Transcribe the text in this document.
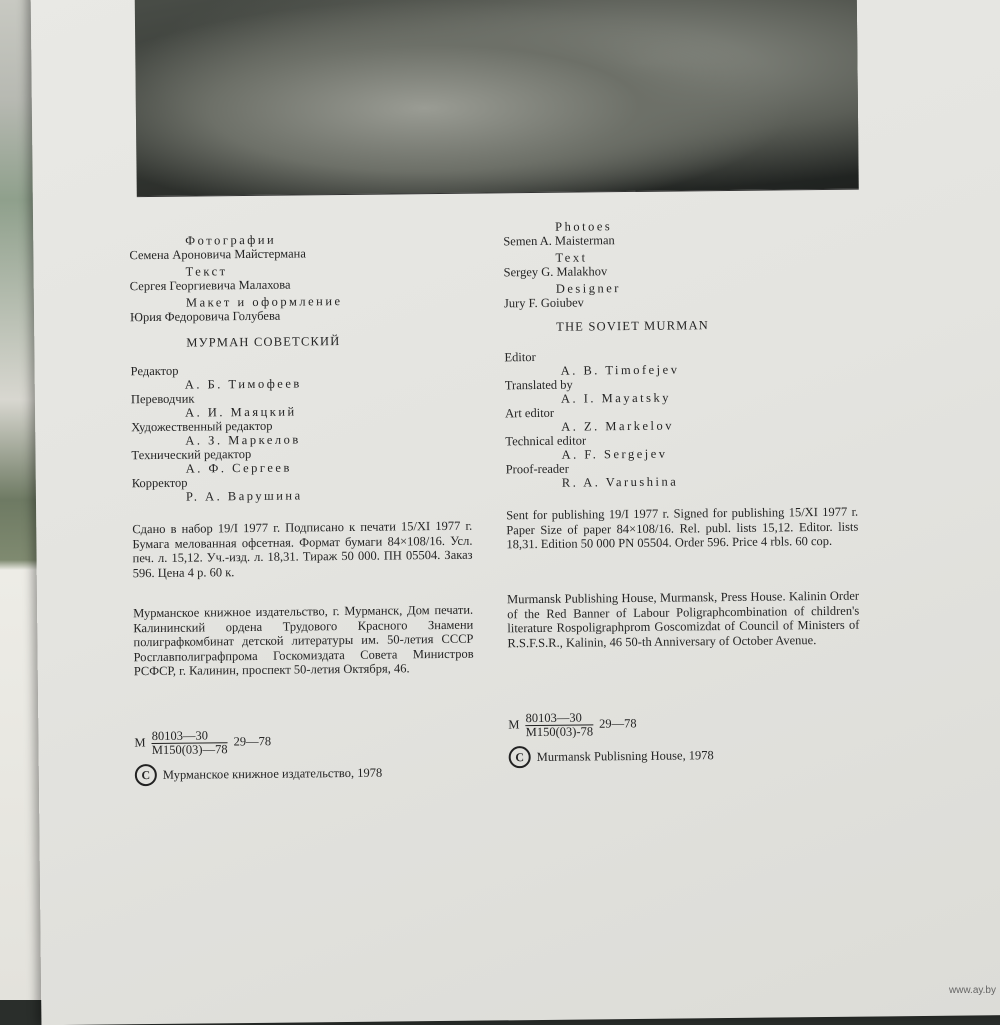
Фотографии
Семена Ароновича Майстермана
Текст
Сергея Георгиевича Малахова
Макет и оформление
Юрия Федоровича Голубева
МУРМАН СОВЕТСКИЙ
Редактор
А. Б. Тимофеев
Переводчик
А. И. Маяцкий
Художественный редактор
А. З. Маркелов
Технический редактор
А. Ф. Сергеев
Корректор
Р. А. Варушина
Сдано в набор 19/I 1977 г. Подписано к печати 15/XI 1977 г. Бумага мелованная офсетная. Формат бумаги 84×108/16. Усл. печ. л. 15,12. Уч.-изд. л. 18,31. Тираж 50 000. ПН 05504. Заказ 596. Цена 4 р. 60 к.
Мурманское книжное издательство, г. Мурманск, Дом печати. Калининский ордена Трудового Красного Знамени полиграфкомбинат детской литературы им. 50-летия СССР Росглавполиграфпрома Госкомиздата Совета Министров РСФСР, г. Калинин, проспект 50-летия Октября, 46.
М $\frac{80103—30}{М150(03)—78}$ 29—78
C	Мурманское книжное издательство, 1978
Photoes
Semen A. Maisterman
Text
Sergey G. Malakhov
Designer
Jury F. Goiubev
THE SOVIET MURMAN
Editor
A. B. Timofejev
Translated by
A. I. Mayatsky
Art editor
A. Z. Markelov
Technical editor
A. F. Sergejev
Proof-reader
R. A. Varushina
Sent for publishing 19/I 1977 r. Signed for publishing 15/XI 1977 r. Paper Size of paper 84×108/16. Rel. publ. lists 15,12. Editor. lists 18,31. Edition 50 000 PN 05504. Order 596. Price 4 rbls. 60 cop.
Murmansk Publishing House, Murmansk, Press House. Kalinin Order of the Red Banner of Labour Poligraphcombination of children's literature Rospoligraphprom Goscomizdat of Council of Ministers of R.S.F.S.R., Kalinin, 46 50-th Anniversary of October Avenue.
M $\frac{80103—30}{M150(03)-78}$ 29—78
C	Murmansk Publisning House, 1978
www.ay.by
